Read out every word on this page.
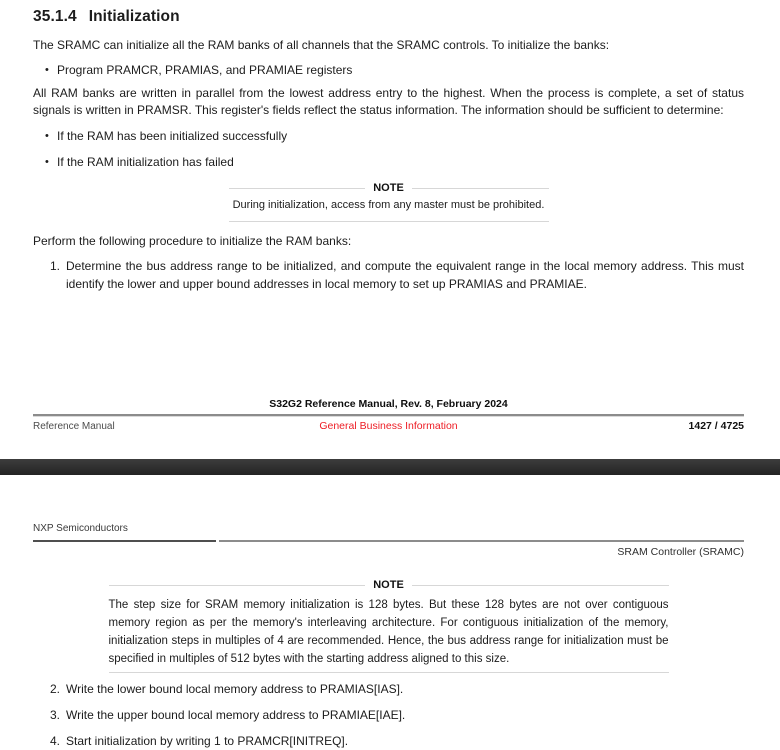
35.1.4 Initialization

The SRAMC can initialize all the RAM banks of all channels that the SRAMC controls. To initialize the banks:

• Program PRAMCR, PRAMIAS, and PRAMIAE registers

All RAM banks are written in parallel from the lowest address entry to the highest. When the process is complete, a set of status signals is written in PRAMSR. This register's fields reflect the status information. The information should be sufficient to determine:

• If the RAM has been initialized successfully
• If the RAM initialization has failed
NOTE
During initialization, access from any master must be prohibited.

Perform the following procedure to initialize the RAM banks:

1. Determine the bus address range to be initialized, and compute the equivalent range in the local memory address. This must identify the lower and upper bound addresses in local memory to set up PRAMIAS and PRAMIAE.
S32G2 Reference Manual, Rev. 8, February 2024
Reference Manual	General Business Information	1427 / 4725
NXP Semiconductors
SRAM Controller (SRAMC)
NOTE
The step size for SRAM memory initialization is 128 bytes. But these 128 bytes are not over contiguous memory region as per the memory's interleaving architecture. For contiguous initialization of the memory, initialization steps in multiples of 4 are recommended. Hence, the bus address range for initialization must be specified in multiples of 512 bytes with the starting address aligned to this size.
2. Write the lower bound local memory address to PRAMIAS[IAS].
3. Write the upper bound local memory address to PRAMIAE[IAE].
4. Start initialization by writing 1 to PRAMCR[INITREQ].
